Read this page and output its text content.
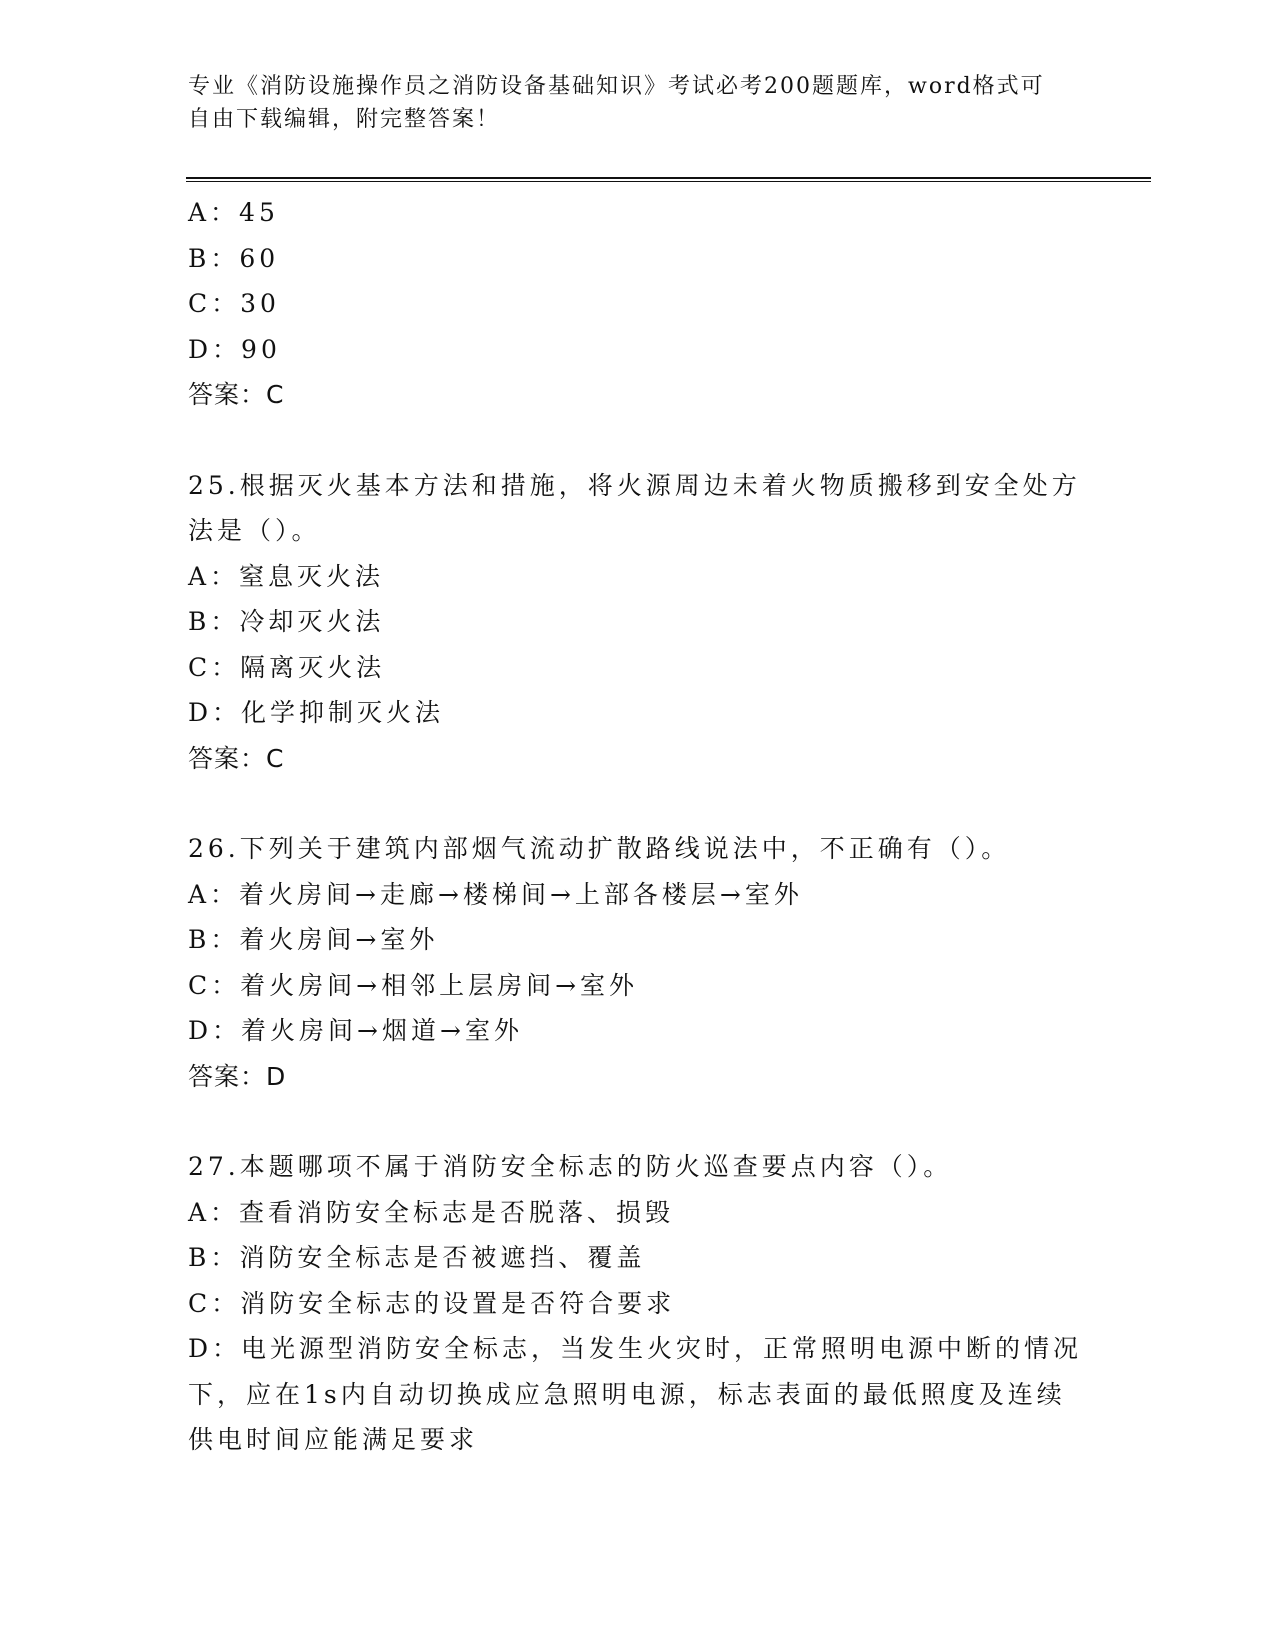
专业《消防设施操作员之消防设备基础知识》考试必考200题题库，word格式可
自由下载编辑，附完整答案！
A：45
B：60
C：30
D：90
答案：C
25.根据灭火基本方法和措施，将火源周边未着火物质搬移到安全处方
法是（）。
A：窒息灭火法
B：冷却灭火法
C：隔离灭火法
D：化学抑制灭火法
答案：C
26.下列关于建筑内部烟气流动扩散路线说法中，不正确有（）。
A：着火房间→走廊→楼梯间→上部各楼层→室外
B：着火房间→室外
C：着火房间→相邻上层房间→室外
D：着火房间→烟道→室外
答案：D
27.本题哪项不属于消防安全标志的防火巡查要点内容（）。
A：查看消防安全标志是否脱落、损毁
B：消防安全标志是否被遮挡、覆盖
C：消防安全标志的设置是否符合要求
D：电光源型消防安全标志，当发生火灾时，正常照明电源中断的情况
下，应在1s内自动切换成应急照明电源，标志表面的最低照度及连续
供电时间应能满足要求
